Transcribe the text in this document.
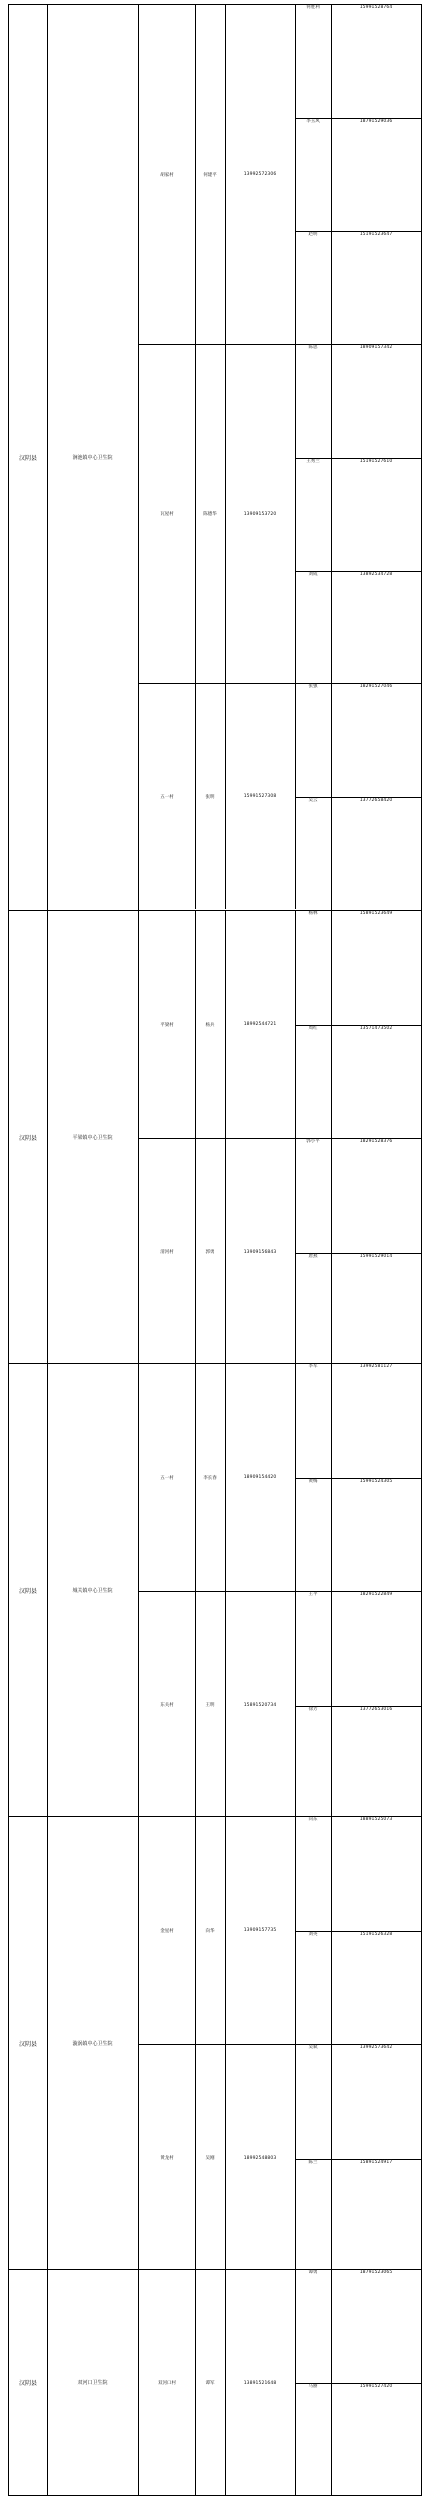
汉阴县	涧池镇中心卫生院
胡家村	何建平	13992572306
何胜利	15991528764
李玉风	18791529036
赵明	15191523647
瓦屋村	陈德华	13909153720
陈思	18909157342
王秀兰	15191527610
刘成	13892534728
五一村	张明	15991527308
张强	18291527046
吴云	13772658420
汉阴县	平梁镇中心卫生院
平梁村	杨兵	18992544721
杨林	15891523649
周红	13571473502
清河村	郭勇	13909156843
郭小平	18291528376
唐燕	15991529014
汉阴县	城关镇中心卫生院
五一村	李长春	18909154420
李军	13992581127
黄梅	15991524305
东关村	王明	15891520734
王平	18291522849
徐芳	13772653016
汉阴县	漩涡镇中心卫生院
金星村	向华	13909157735
向东	18891525073
刘英	15191526328
黄龙村	吴刚	18992548803
吴斌	13992573642
陈兰	15891524917
汉阴县	双河口卫生院	双河口村	谭军	13891521648
谭勇	18791523065
马丽	15991527420
